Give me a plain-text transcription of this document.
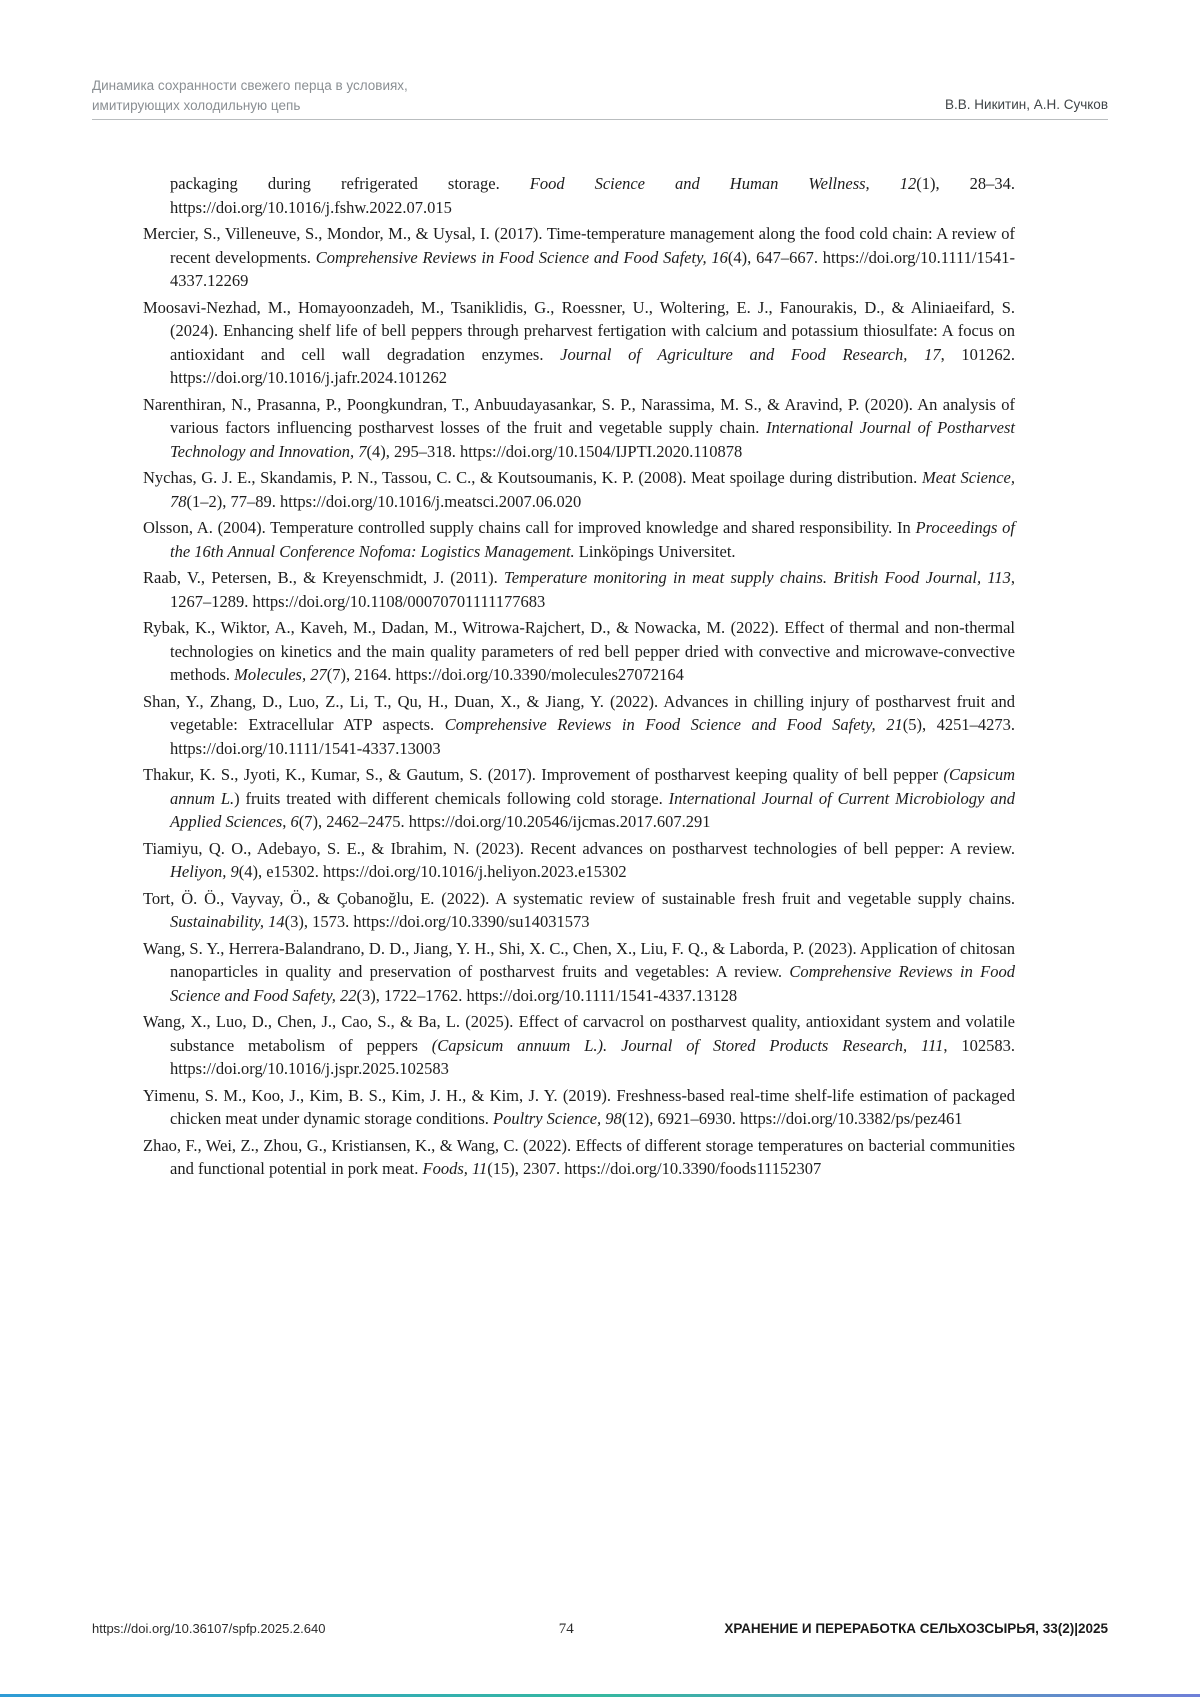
Динамика сохранности свежего перца в условиях,
имитирующих холодильную цепь	В.В. Никитин, А.Н. Сучков

packaging during refrigerated storage. Food Science and Human Wellness, 12(1), 28–34. https://doi.org/10.1016/j.fshw.2022.07.015

Mercier, S., Villeneuve, S., Mondor, M., & Uysal, I. (2017). Time-temperature management along the food cold chain: A review of recent developments. Comprehensive Reviews in Food Science and Food Safety, 16(4), 647–667. https://doi.org/10.1111/1541-4337.12269

Moosavi-Nezhad, M., Homayoonzadeh, M., Tsaniklidis, G., Roessner, U., Woltering, E. J., Fanourakis, D., & Aliniaeifard, S. (2024). Enhancing shelf life of bell peppers through preharvest fertigation with calcium and potassium thiosulfate: A focus on antioxidant and cell wall degradation enzymes. Journal of Agriculture and Food Research, 17, 101262. https://doi.org/10.1016/j.jafr.2024.101262

Narenthiran, N., Prasanna, P., Poongkundran, T., Anbuudayasankar, S. P., Narassima, M. S., & Aravind, P. (2020). An analysis of various factors influencing postharvest losses of the fruit and vegetable supply chain. International Journal of Postharvest Technology and Innovation, 7(4), 295–318. https://doi.org/10.1504/IJPTI.2020.110878

Nychas, G. J. E., Skandamis, P. N., Tassou, C. C., & Koutsoumanis, K. P. (2008). Meat spoilage during distribution. Meat Science, 78(1–2), 77–89. https://doi.org/10.1016/j.meatsci.2007.06.020

Olsson, A. (2004). Temperature controlled supply chains call for improved knowledge and shared responsibility. In Proceedings of the 16th Annual Conference Nofoma: Logistics Management. Linköpings Universitet.

Raab, V., Petersen, B., & Kreyenschmidt, J. (2011). Temperature monitoring in meat supply chains. British Food Journal, 113, 1267–1289. https://doi.org/10.1108/00070701111177683

Rybak, K., Wiktor, A., Kaveh, M., Dadan, M., Witrowa-Rajchert, D., & Nowacka, M. (2022). Effect of thermal and non-thermal technologies on kinetics and the main quality parameters of red bell pepper dried with convective and microwave-convective methods. Molecules, 27(7), 2164. https://doi.org/10.3390/molecules27072164

Shan, Y., Zhang, D., Luo, Z., Li, T., Qu, H., Duan, X., & Jiang, Y. (2022). Advances in chilling injury of postharvest fruit and vegetable: Extracellular ATP aspects. Comprehensive Reviews in Food Science and Food Safety, 21(5), 4251–4273. https://doi.org/10.1111/1541-4337.13003

Thakur, K. S., Jyoti, K., Kumar, S., & Gautum, S. (2017). Improvement of postharvest keeping quality of bell pepper (Capsicum annum L.) fruits treated with different chemicals following cold storage. International Journal of Current Microbiology and Applied Sciences, 6(7), 2462–2475. https://doi.org/10.20546/ijcmas.2017.607.291

Tiamiyu, Q. O., Adebayo, S. E., & Ibrahim, N. (2023). Recent advances on postharvest technologies of bell pepper: A review. Heliyon, 9(4), e15302. https://doi.org/10.1016/j.heliyon.2023.e15302

Tort, Ö. Ö., Vayvay, Ö., & Çobanoğlu, E. (2022). A systematic review of sustainable fresh fruit and vegetable supply chains. Sustainability, 14(3), 1573. https://doi.org/10.3390/su14031573

Wang, S. Y., Herrera-Balandrano, D. D., Jiang, Y. H., Shi, X. C., Chen, X., Liu, F. Q., & Laborda, P. (2023). Application of chitosan nanoparticles in quality and preservation of postharvest fruits and vegetables: A review. Comprehensive Reviews in Food Science and Food Safety, 22(3), 1722–1762. https://doi.org/10.1111/1541-4337.13128

Wang, X., Luo, D., Chen, J., Cao, S., & Ba, L. (2025). Effect of carvacrol on postharvest quality, antioxidant system and volatile substance metabolism of peppers (Capsicum annuum L.). Journal of Stored Products Research, 111, 102583. https://doi.org/10.1016/j.jspr.2025.102583

Yimenu, S. M., Koo, J., Kim, B. S., Kim, J. H., & Kim, J. Y. (2019). Freshness-based real-time shelf-life estimation of packaged chicken meat under dynamic storage conditions. Poultry Science, 98(12), 6921–6930. https://doi.org/10.3382/ps/pez461

Zhao, F., Wei, Z., Zhou, G., Kristiansen, K., & Wang, C. (2022). Effects of different storage temperatures on bacterial communities and functional potential in pork meat. Foods, 11(15), 2307. https://doi.org/10.3390/foods11152307

https://doi.org/10.36107/spfp.2025.2.640	74	ХРАНЕНИЕ И ПЕРЕРАБОТКА СЕЛЬХОЗСЫРЬЯ, 33(2)|2025
